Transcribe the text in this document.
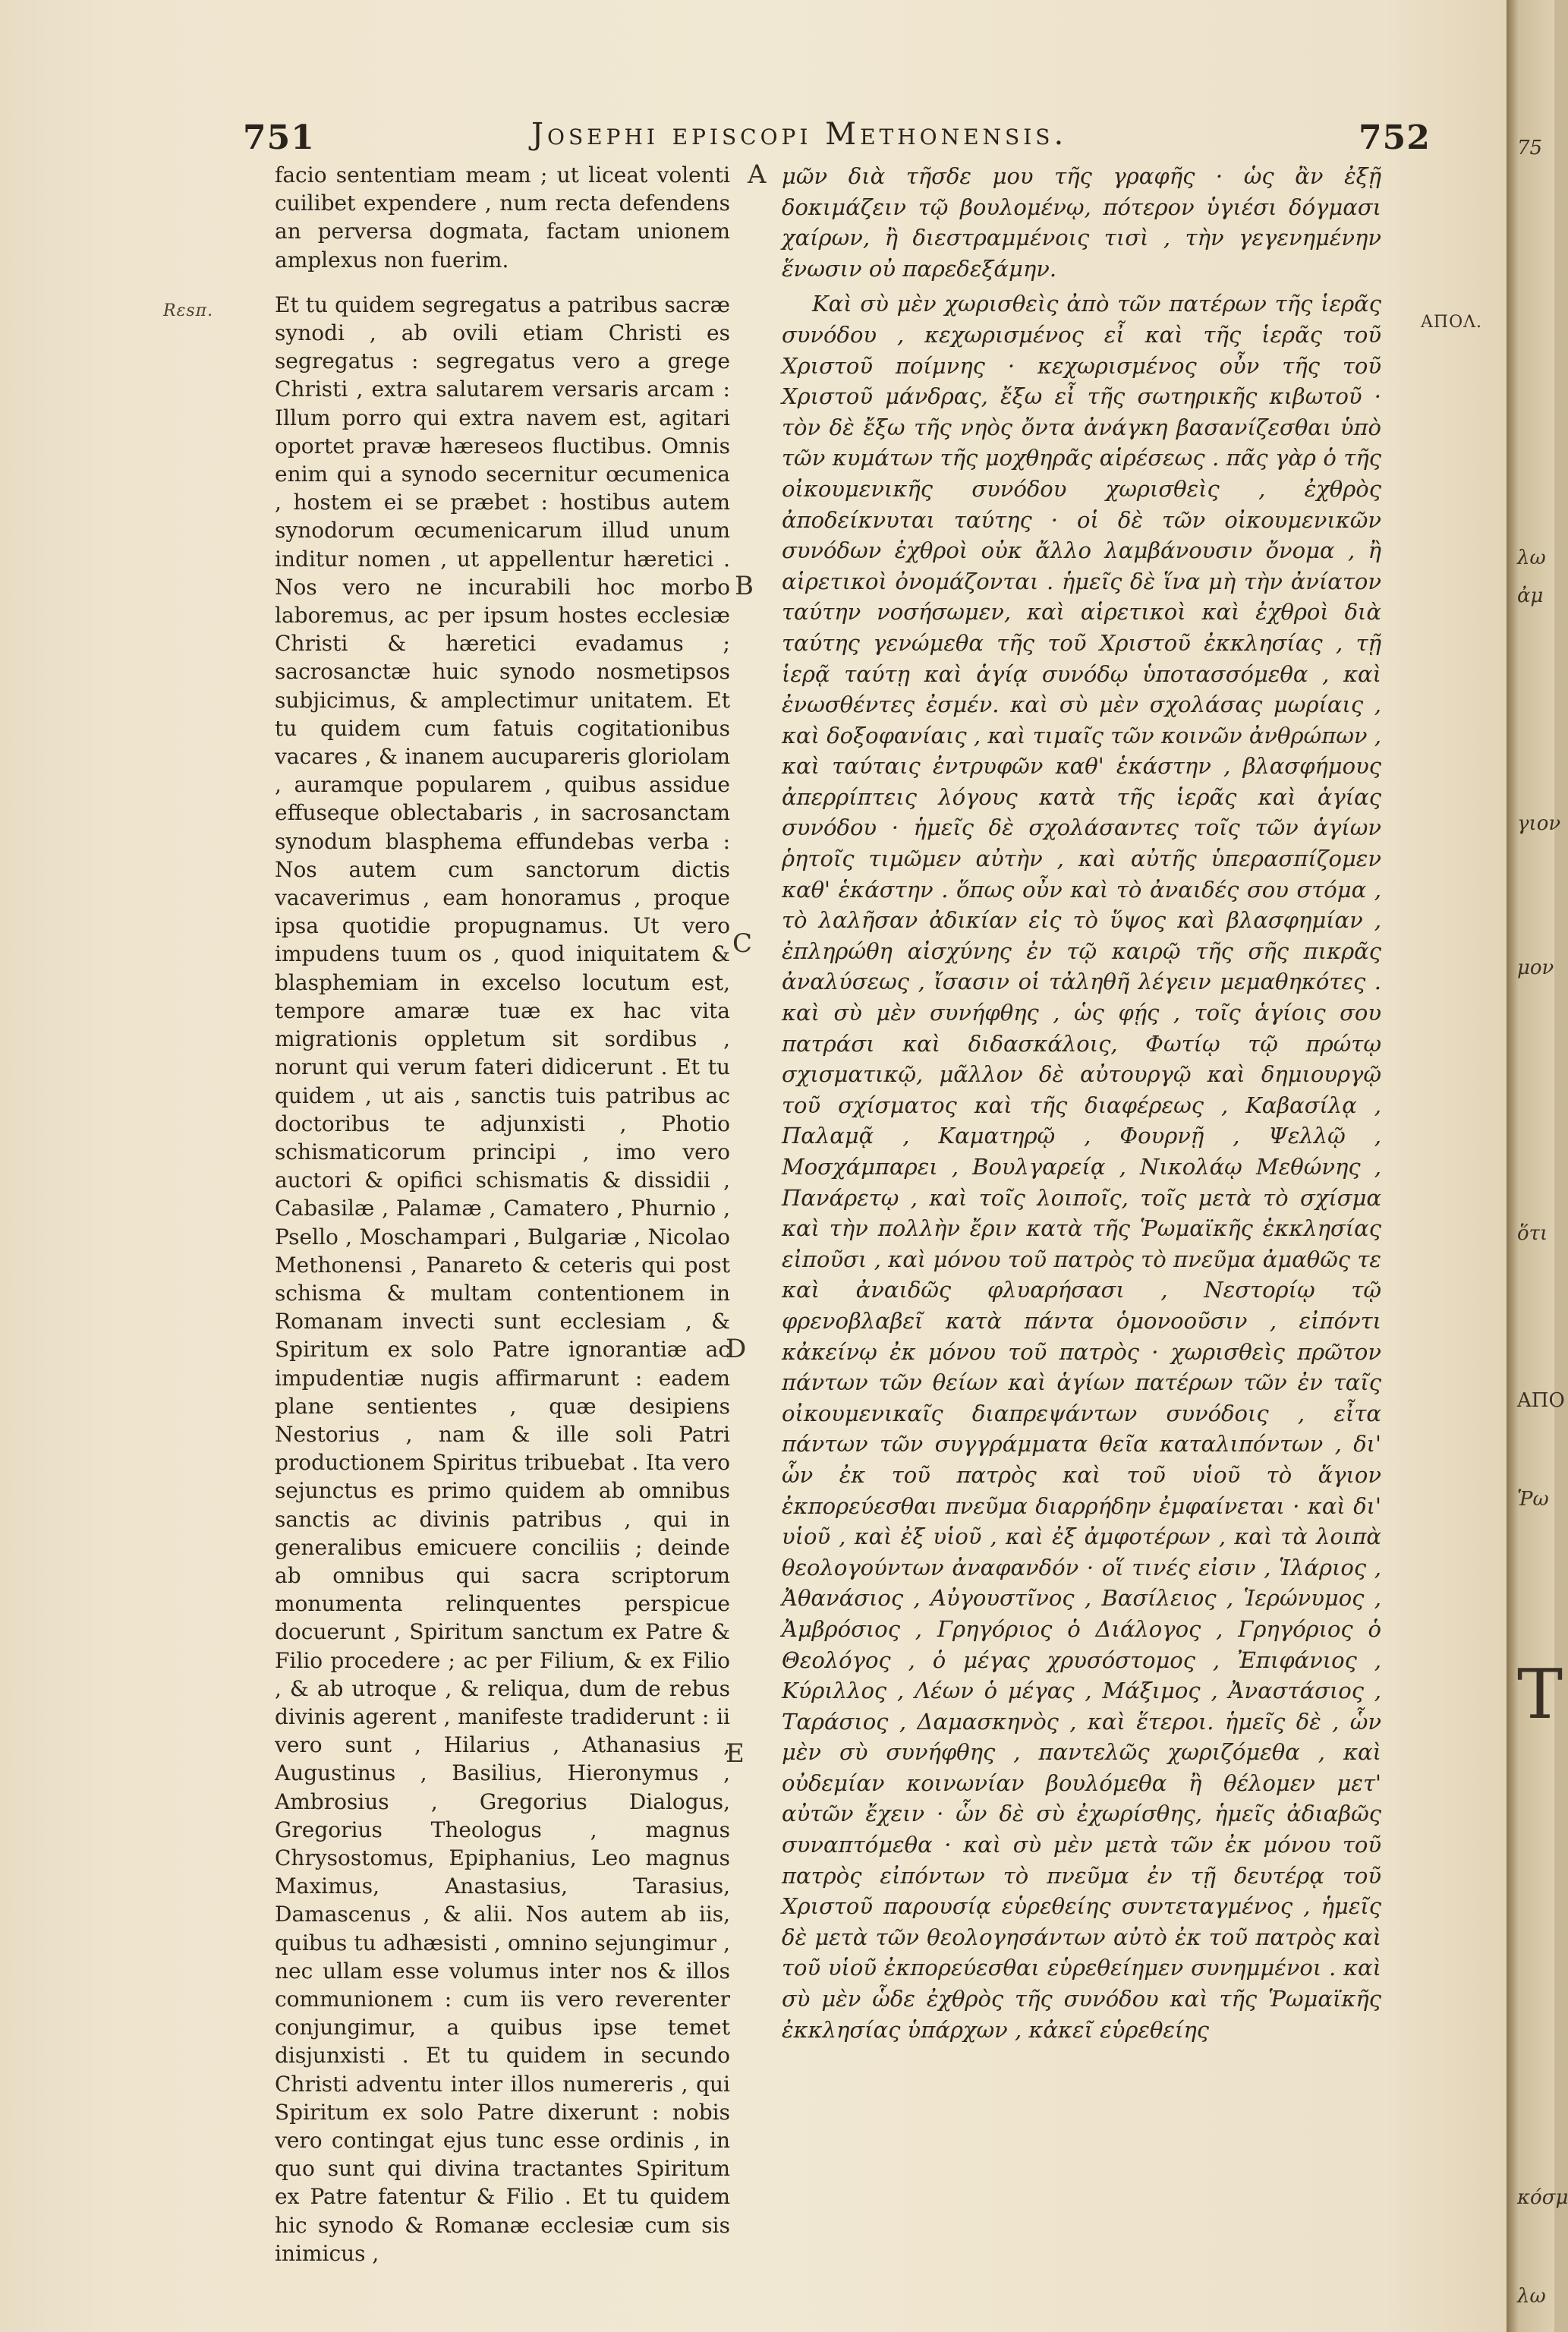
751	Josephi episcopi Methonensis.	752
Rεsπ.
ΑΠΟΛ.

facio sententiam meam ; ut liceat volenti cuilibet expendere , num recta defendens an perversa dogmata, factam unionem amplexus non fuerim.

Et tu quidem segregatus a patribus sacræ synodi , ab ovili etiam Christi es segregatus : segregatus vero a grege Christi , extra salutarem versaris arcam : Illum porro qui extra navem est, agitari oportet pravæ hæreseos fluctibus. Omnis enim qui a synodo secernitur œcumenica , hostem ei se præbet : hostibus autem synodorum œcumenicarum illud unum inditur nomen , ut appellentur hæretici . Nos vero ne incurabili hoc morbo laboremus, ac per ipsum hostes ecclesiæ Christi & hæretici evadamus ; sacrosanctæ huic synodo nosmetipsos subjicimus, & amplectimur unitatem. Et tu quidem cum fatuis cogitationibus vacares , & inanem aucupareris gloriolam , auramque popularem , quibus assidue effuseque oblectabaris , in sacrosanctam synodum blasphema effundebas verba : Nos autem cum sanctorum dictis vacaverimus , eam honoramus , proque ipsa quotidie propugnamus. Ut vero impudens tuum os , quod iniquitatem & blasphemiam in excelso locutum est, tempore amaræ tuæ ex hac vita migrationis oppletum sit sordibus , norunt qui verum fateri didicerunt . Et tu quidem , ut ais , sanctis tuis patribus ac doctoribus te adjunxisti , Photio schismaticorum principi , imo vero auctori & opifici schismatis & dissidii , Cabasilæ , Palamæ , Camatero , Phurnio , Psello , Moschampari , Bulgariæ , Nicolao Methonensi , Panareto & ceteris qui post schisma & multam contentionem in Romanam invecti sunt ecclesiam , & Spiritum ex solo Patre ignorantiæ ac impudentiæ nugis affirmarunt : eadem plane sentientes , quæ desipiens Nestorius , nam & ille soli Patri productionem Spiritus tribuebat . Ita vero sejunctus es primo quidem ab omnibus sanctis ac divinis patribus , qui in generalibus emicuere conciliis ; deinde ab omnibus qui sacra scriptorum monumenta relinquentes perspicue docuerunt , Spiritum sanctum ex Patre & Filio procedere ; ac per Filium, & ex Filio , & ab utroque , & reliqua, dum de rebus divinis agerent , manifeste tradiderunt : ii vero sunt , Hilarius , Athanasius , Augustinus , Basilius, Hieronymus , Ambrosius , Gregorius Dialogus, Gregorius Theologus , magnus Chrysostomus, Epiphanius, Leo magnus Maximus, Anastasius, Tarasius, Damascenus , & alii. Nos autem ab iis, quibus tu adhæsisti , omnino sejungimur , nec ullam esse volumus inter nos & illos communionem : cum iis vero reverenter conjungimur, a quibus ipse temet disjunxisti . Et tu quidem in secundo Christi adventu inter illos numereris , qui Spiritum ex solo Patre dixerunt : nobis vero contingat ejus tunc esse ordinis , in quo sunt qui divina tractantes Spiritum ex Patre fatentur & Filio . Et tu quidem hic synodo & Romanæ ecclesiæ cum sis inimicus ,

A
B
C
D
E

μῶν διὰ τῆσδε μου τῆς γραφῆς · ὡς ἂν ἐξῇ δοκιμάζειν τῷ βουλομένῳ, πότερον ὑγιέσι δόγμασι χαίρων, ἢ διεστραμμένοις τισὶ , τὴν γεγενημένην ἕνωσιν οὐ παρεδεξάμην.

Καὶ σὺ μὲν χωρισθεὶς ἀπὸ τῶν πατέρων τῆς ἱερᾶς συνόδου , κεχωρισμένος εἶ καὶ τῆς ἱερᾶς τοῦ Χριστοῦ ποίμνης · κεχωρισμένος οὖν τῆς τοῦ Χριστοῦ μάνδρας, ἔξω εἶ τῆς σωτηρικῆς κιβωτοῦ · τὸν δὲ ἔξω τῆς νηὸς ὄντα ἀνάγκη βασανίζεσθαι ὑπὸ τῶν κυμάτων τῆς μοχθηρᾶς αἱρέσεως . πᾶς γὰρ ὁ τῆς οἰκουμενικῆς συνόδου χωρισθεὶς , ἐχθρὸς ἀποδείκνυται ταύτης · οἱ δὲ τῶν οἰκουμενικῶν συνόδων ἐχθροὶ οὐκ ἄλλο λαμβάνουσιν ὄνομα , ἢ αἱρετικοὶ ὀνομάζονται . ἡμεῖς δὲ ἵνα μὴ τὴν ἀνίατον ταύτην νοσήσωμεν, καὶ αἱρετικοὶ καὶ ἐχθροὶ διὰ ταύτης γενώμεθα τῆς τοῦ Χριστοῦ ἐκκλησίας , τῇ ἱερᾷ ταύτῃ καὶ ἁγίᾳ συνόδῳ ὑποτασσόμεθα , καὶ ἐνωσθέντες ἐσμέν. καὶ σὺ μὲν σχολάσας μωρίαις , καὶ δοξοφανίαις , καὶ τιμαῖς τῶν κοινῶν ἀνθρώπων , καὶ ταύταις ἐντρυφῶν καθ' ἑκάστην , βλασφήμους ἀπερρίπτεις λόγους κατὰ τῆς ἱερᾶς καὶ ἁγίας συνόδου · ἡμεῖς δὲ σχολάσαντες τοῖς τῶν ἁγίων ῥητοῖς τιμῶμεν αὐτὴν , καὶ αὐτῆς ὑπερασπίζομεν καθ' ἑκάστην . ὅπως οὖν καὶ τὸ ἀναιδές σου στόμα , τὸ λαλῆσαν ἀδικίαν εἰς τὸ ὕψος καὶ βλασφημίαν , ἐπληρώθη αἰσχύνης ἐν τῷ καιρῷ τῆς σῆς πικρᾶς ἀναλύσεως , ἴσασιν οἱ τἀληθῆ λέγειν μεμαθηκότες . καὶ σὺ μὲν συνήφθης , ὡς φῄς , τοῖς ἁγίοις σου πατράσι καὶ διδασκάλοις, Φωτίῳ τῷ πρώτῳ σχισματικῷ, μᾶλλον δὲ αὐτουργῷ καὶ δημιουργῷ τοῦ σχίσματος καὶ τῆς διαφέρεως , Καβασίλᾳ , Παλαμᾷ , Καματηρῷ , Φουρνῇ , Ψελλῷ , Μοσχάμπαρει , Βουλγαρείᾳ , Νικολάῳ Μεθώνης , Πανάρετῳ , καὶ τοῖς λοιποῖς, τοῖς μετὰ τὸ σχίσμα καὶ τὴν πολλὴν ἔριν κατὰ τῆς Ῥωμαϊκῆς ἐκκλησίας εἰποῦσι , καὶ μόνου τοῦ πατρὸς τὸ πνεῦμα ἀμαθῶς τε καὶ ἀναιδῶς φλυαρήσασι , Νεστορίῳ τῷ φρενοβλαβεῖ κατὰ πάντα ὁμονοοῦσιν , εἰπόντι κἀκείνῳ ἐκ μόνου τοῦ πατρὸς · χωρισθεὶς πρῶτον πάντων τῶν θείων καὶ ἁγίων πατέρων τῶν ἐν ταῖς οἰκουμενικαῖς διαπρεψάντων συνόδοις , εἶτα πάντων τῶν συγγράμματα θεῖα καταλιπόντων , δι' ὧν ἐκ τοῦ πατρὸς καὶ τοῦ υἱοῦ τὸ ἅγιον ἐκπορεύεσθαι πνεῦμα διαρρήδην ἐμφαίνεται · καὶ δι' υἱοῦ , καὶ ἐξ υἱοῦ , καὶ ἐξ ἀμφοτέρων , καὶ τὰ λοιπὰ θεολογούντων ἀναφανδόν · οἵ τινές εἰσιν , Ἱλάριος , Ἀθανάσιος , Αὐγουστῖνος , Βασίλειος , Ἱερώνυμος , Ἀμβρόσιος , Γρηγόριος ὁ Διάλογος , Γρηγόριος ὁ Θεολόγος , ὁ μέγας χρυσόστομος , Ἐπιφάνιος , Κύριλλος , Λέων ὁ μέγας , Μάξιμος , Ἀναστάσιος , Ταράσιος , Δαμασκηνὸς , καὶ ἕτεροι. ἡμεῖς δὲ , ὧν μὲν σὺ συνήφθης , παντελῶς χωριζόμεθα , καὶ οὐδεμίαν κοινωνίαν βουλόμεθα ἢ θέλομεν μετ' αὐτῶν ἔχειν · ὧν δὲ σὺ ἐχωρίσθης, ἡμεῖς ἀδιαβῶς συναπτόμεθα · καὶ σὺ μὲν μετὰ τῶν ἐκ μόνου τοῦ πατρὸς εἰπόντων τὸ πνεῦμα ἐν τῇ δευτέρᾳ τοῦ Χριστοῦ παρουσίᾳ εὑρεθείης συντεταγμένος , ἡμεῖς δὲ μετὰ τῶν θεολογησάντων αὐτὸ ἐκ τοῦ πατρὸς καὶ τοῦ υἱοῦ ἐκπορεύεσθαι εὑρεθείημεν συνημμένοι . καὶ σὺ μὲν ὧδε ἐχθρὸς τῆς συνόδου καὶ τῆς Ῥωμαϊκῆς ἐκκλησίας ὑπάρχων , κἀκεῖ εὑρεθείης

75
λω
ἀμ
ὅτι
γιον
μον
ΑΠΟ
Ῥω
Τ
κόσμ
λω
